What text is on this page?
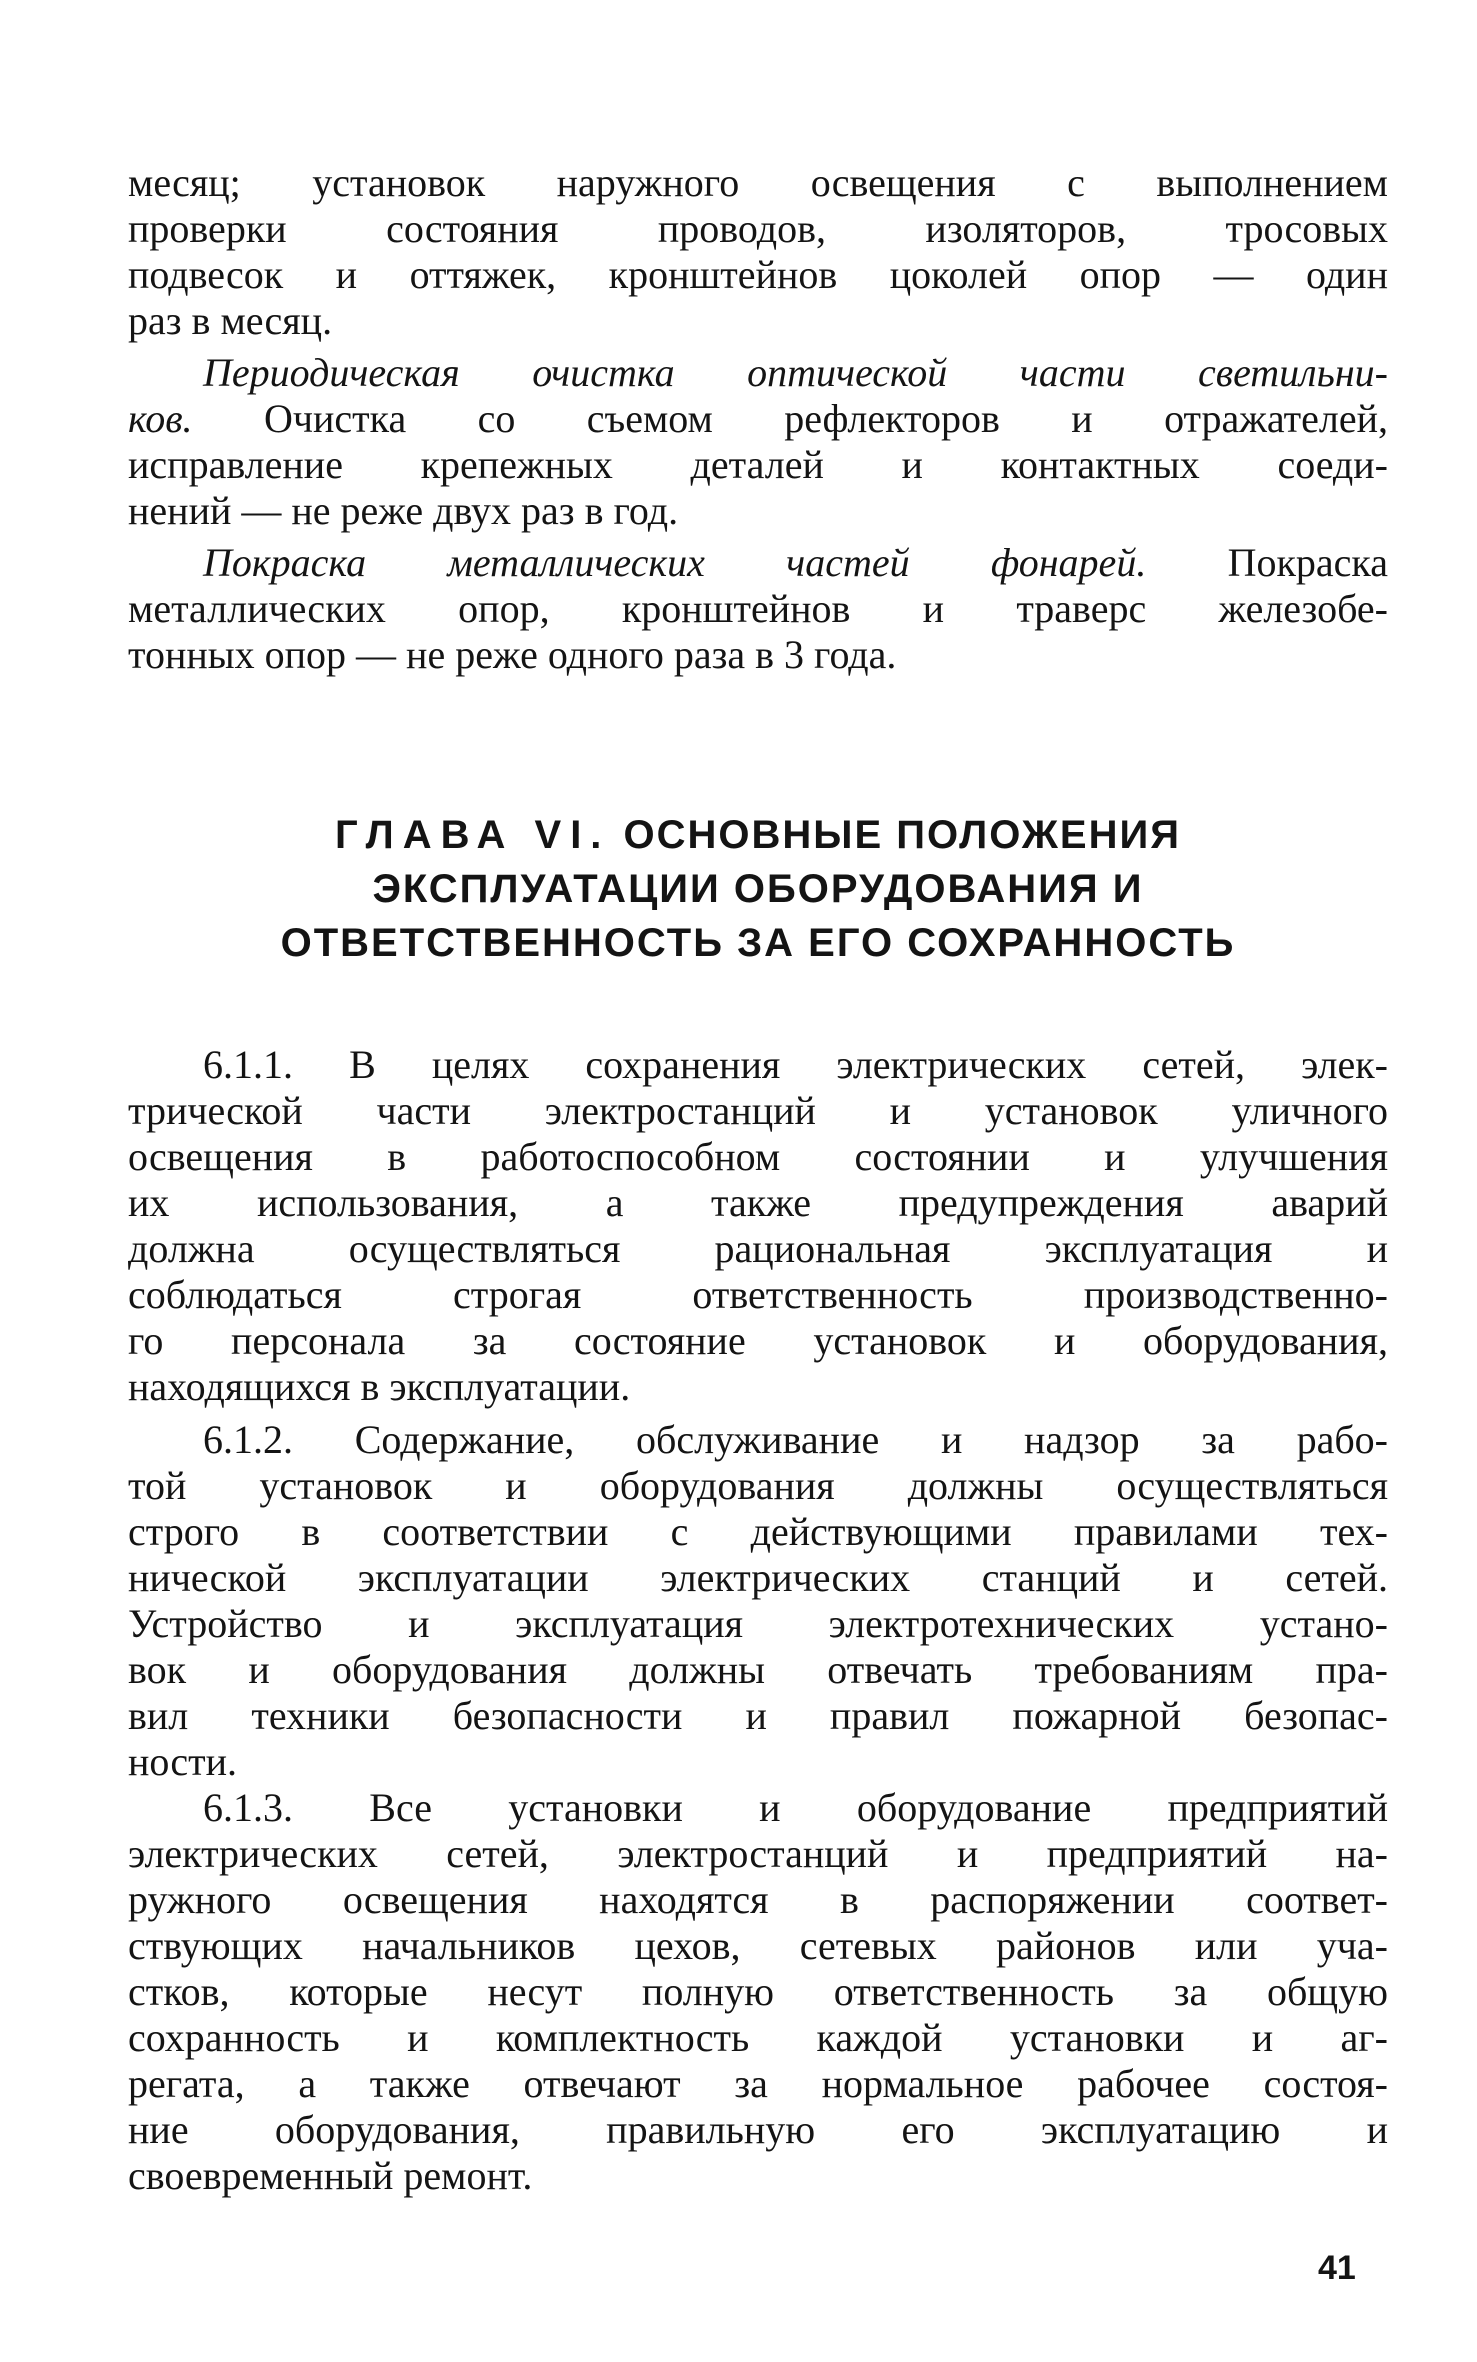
месяц; установок наружного освещения с выполнением
проверки состояния проводов, изоляторов, тросовых
подвесок и оттяжек, кронштейнов цоколей опор — один
раз в месяц.
Периодическая очистка оптической части светильни-
ков. Очистка со съемом рефлекторов и отражателей,
исправление крепежных деталей и контактных соеди-
нений — не реже двух раз в год.
Покраска металлических частей фонарей. Покраска
металлических опор, кронштейнов и траверс железобе-
тонных опор — не реже одного раза в 3 года.
ГЛАВА VI. ОСНОВНЫЕ ПОЛОЖЕНИЯ
ЭКСПЛУАТАЦИИ ОБОРУДОВАНИЯ И
ОТВЕТСТВЕННОСТЬ ЗА ЕГО СОХРАННОСТЬ
6.1.1. В целях сохранения электрических сетей, элек-
трической части электростанций и установок уличного
освещения в работоспособном состоянии и улучшения
их использования, а также предупреждения аварий
должна осуществляться рациональная эксплуатация и
соблюдаться строгая ответственность производственно-
го персонала за состояние установок и оборудования,
находящихся в эксплуатации.
6.1.2. Содержание, обслуживание и надзор за рабо-
той установок и оборудования должны осуществляться
строго в соответствии с действующими правилами тех-
нической эксплуатации электрических станций и сетей.
Устройство и эксплуатация электротехнических устано-
вок и оборудования должны отвечать требованиям пра-
вил техники безопасности и правил пожарной безопас-
ности.
6.1.3. Все установки и оборудование предприятий
электрических сетей, электростанций и предприятий на-
ружного освещения находятся в распоряжении соответ-
ствующих начальников цехов, сетевых районов или уча-
стков, которые несут полную ответственность за общую
сохранность и комплектность каждой установки и аг-
регата, а также отвечают за нормальное рабочее состоя-
ние оборудования, правильную его эксплуатацию и
своевременный ремонт.
41
